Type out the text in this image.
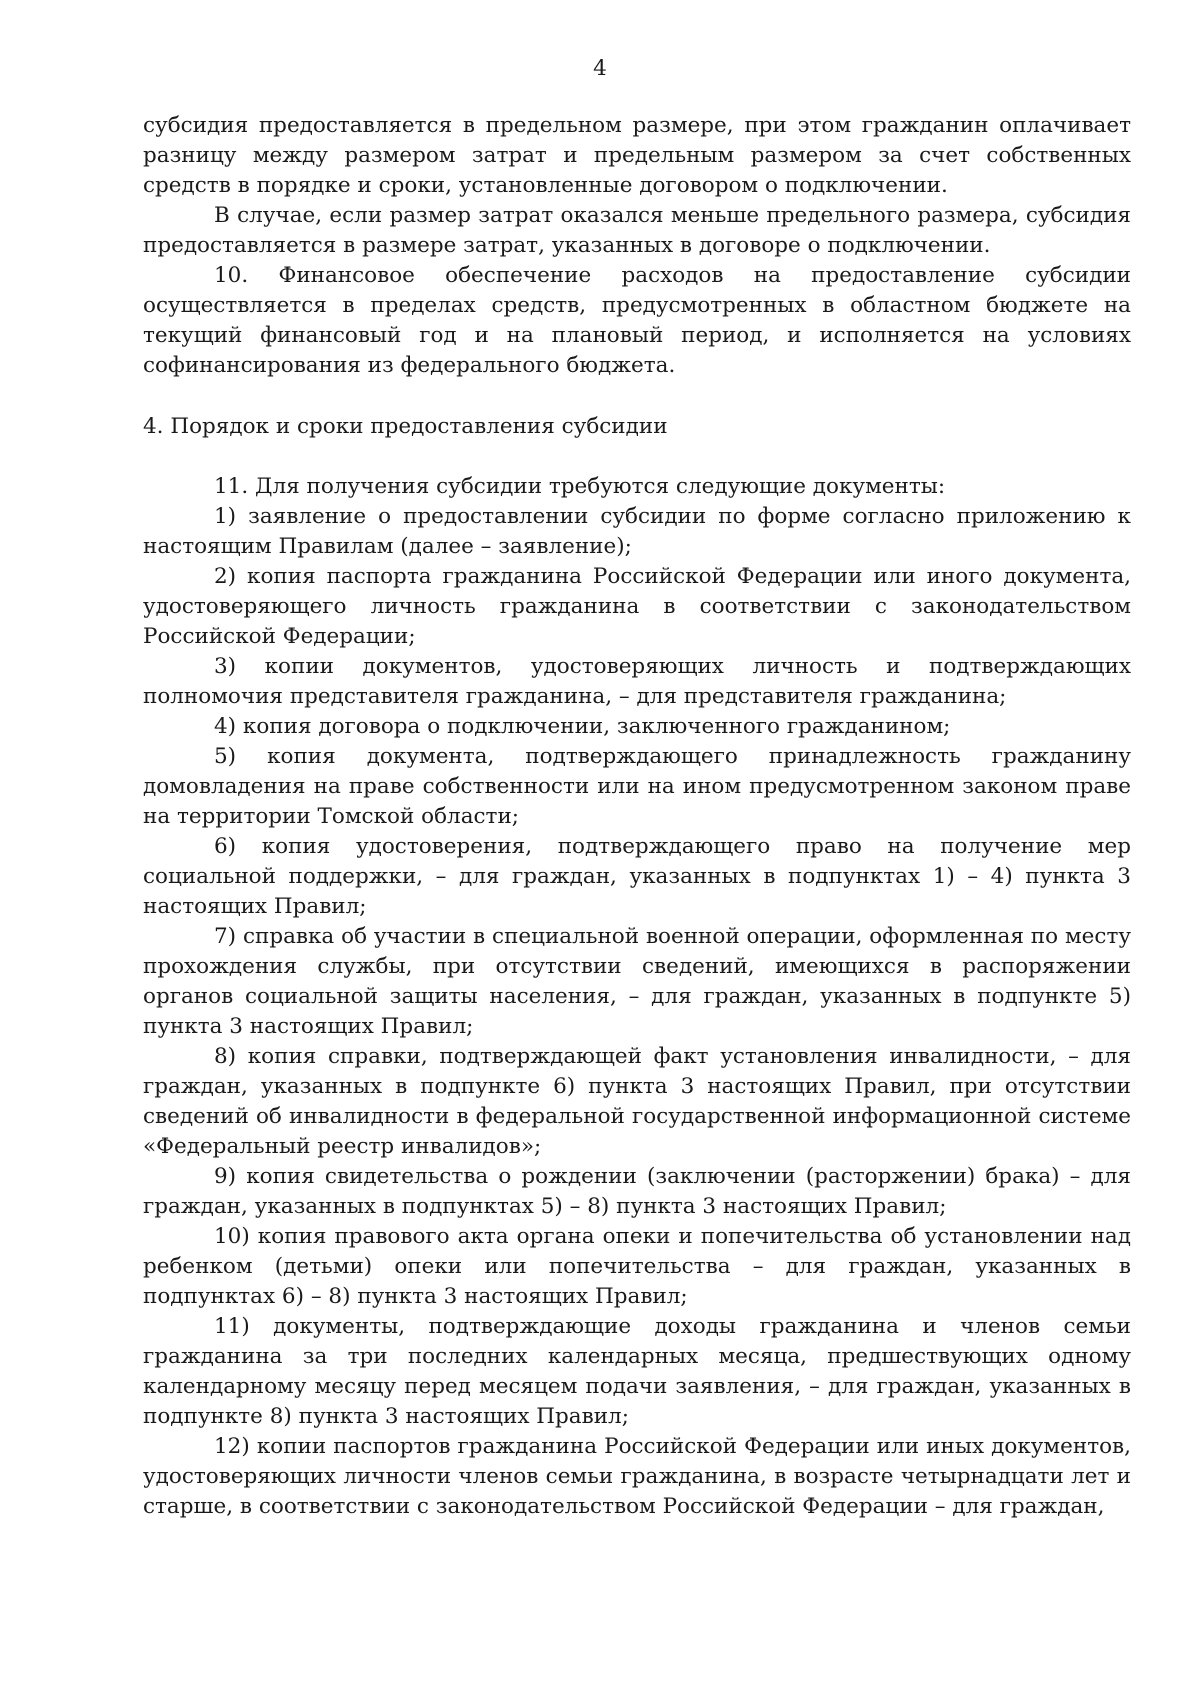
4
субсидия предоставляется в предельном размере, при этом гражданин оплачивает разницу между размером затрат и предельным размером за счет собственных средств в порядке и сроки, установленные договором о подключении.
В случае, если размер затрат оказался меньше предельного размера, субсидия предоставляется в размере затрат, указанных в договоре о подключении.
10. Финансовое обеспечение расходов на предоставление субсидии осуществляется в пределах средств, предусмотренных в областном бюджете на текущий финансовый год и на плановый период, и исполняется на условиях софинансирования из федерального бюджета.
4. Порядок и сроки предоставления субсидии
11. Для получения субсидии требуются следующие документы:
1) заявление о предоставлении субсидии по форме согласно приложению к настоящим Правилам (далее – заявление);
2) копия паспорта гражданина Российской Федерации или иного документа, удостоверяющего личность гражданина в соответствии с законодательством Российской Федерации;
3) копии документов, удостоверяющих личность и подтверждающих полномочия представителя гражданина, – для представителя гражданина;
4) копия договора о подключении, заключенного гражданином;
5) копия документа, подтверждающего принадлежность гражданину домовладения на праве собственности или на ином предусмотренном законом праве на территории Томской области;
6) копия удостоверения, подтверждающего право на получение мер социальной поддержки, – для граждан, указанных в подпунктах 1) – 4) пункта 3 настоящих Правил;
7) справка об участии в специальной военной операции, оформленная по месту прохождения службы, при отсутствии сведений, имеющихся в распоряжении органов социальной защиты населения, – для граждан, указанных в подпункте 5) пункта 3 настоящих Правил;
8) копия справки, подтверждающей факт установления инвалидности, – для граждан, указанных в подпункте 6) пункта 3 настоящих Правил, при отсутствии сведений об инвалидности в федеральной государственной информационной системе «Федеральный реестр инвалидов»;
9) копия свидетельства о рождении (заключении (расторжении) брака) – для граждан, указанных в подпунктах 5) – 8) пункта 3 настоящих Правил;
10) копия правового акта органа опеки и попечительства об установлении над ребенком (детьми) опеки или попечительства – для граждан, указанных в подпунктах 6) – 8) пункта 3 настоящих Правил;
11) документы, подтверждающие доходы гражданина и членов семьи гражданина за три последних календарных месяца, предшествующих одному календарному месяцу перед месяцем подачи заявления, – для граждан, указанных в подпункте 8) пункта 3 настоящих Правил;
12) копии паспортов гражданина Российской Федерации или иных документов, удостоверяющих личности членов семьи гражданина, в возрасте четырнадцати лет и старше, в соответствии с законодательством Российской Федерации – для граждан,
